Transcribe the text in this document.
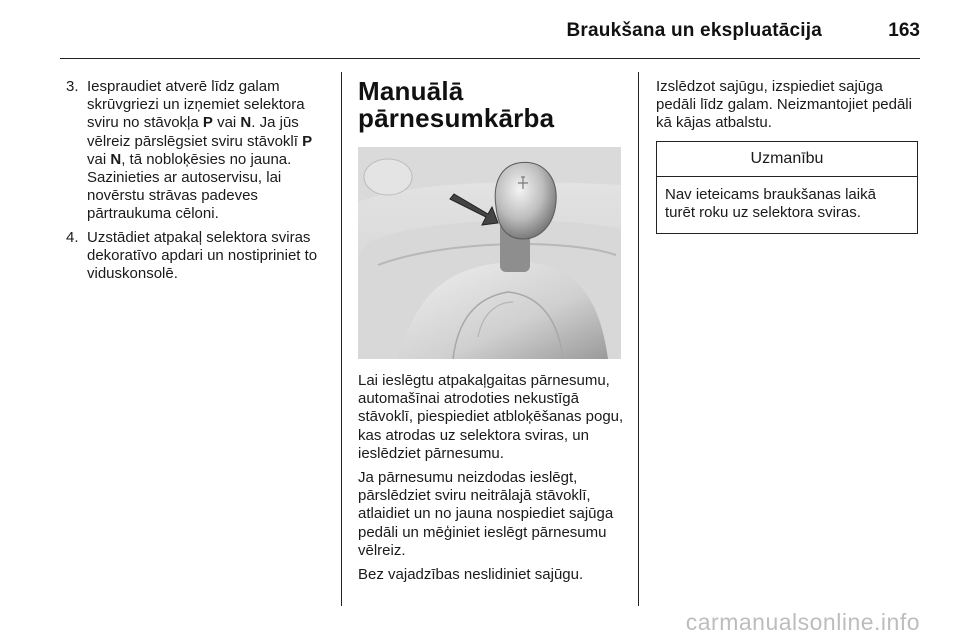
Braukšana un ekspluatācija	163
3. Iespraudiet atverē līdz galam skrūvgriezi un izņemiet selektora sviru no stāvokļa P vai N. Ja jūs vēlreiz pārslēgsiet sviru stāvoklī P vai N, tā nobloķēsies no jauna. Sazinieties ar autoservisu, lai novērstu strāvas padeves pārtraukuma cēloni.
4. Uzstādiet atpakaļ selektora sviras dekoratīvo apdari un nostipriniet to viduskonsolē.
Manuālā
pārnesumkārba

Lai ieslēgtu atpakaļgaitas pārnesumu, automašīnai atrodoties nekustīgā stāvoklī, piespiediet atbloķēšanas pogu, kas atrodas uz selektora sviras, un ieslēdziet pārnesumu.

Ja pārnesumu neizdodas ieslēgt, pārslēdziet sviru neitrālajā stāvoklī, atlaidiet un no jauna nospiediet sajūga pedāli un mēģiniet ieslēgt pārnesumu vēlreiz.

Bez vajadzības neslidiniet sajūgu.

Izslēdzot sajūgu, izspiediet sajūga pedāli līdz galam. Neizmantojiet pedāli kā kājas atbalstu.

Uzmanību
Nav ieteicams braukšanas laikā turēt roku uz selektora sviras.
carmanualsonline.info
